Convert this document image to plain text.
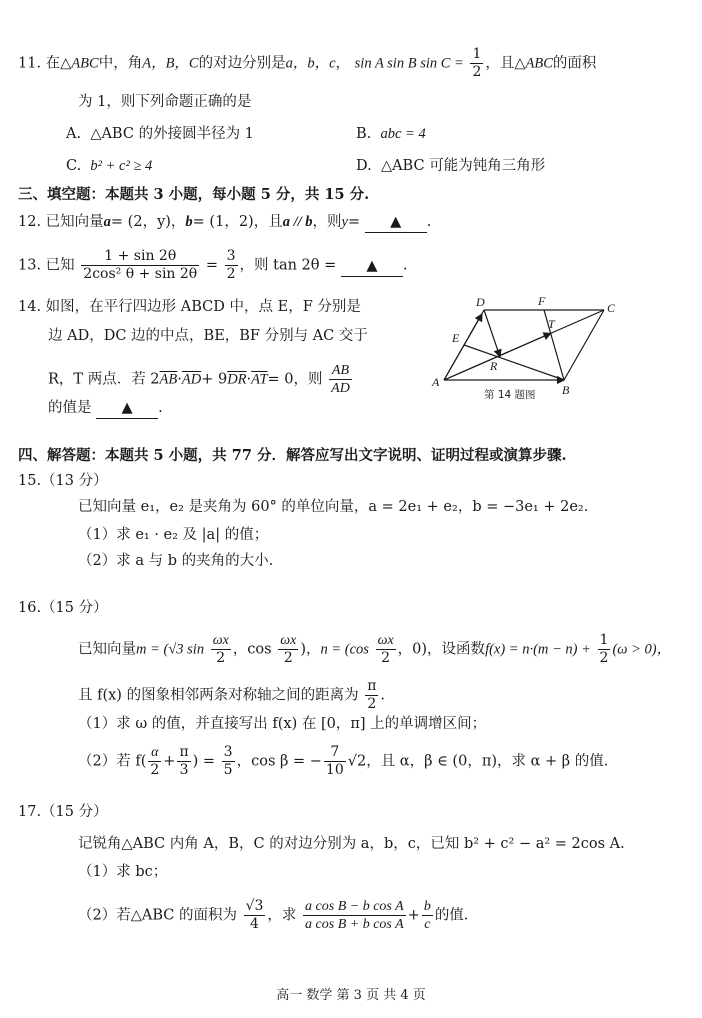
11. 在△ABC中，角A，B，C的对边分别是a，b，c， sin A sin B $\sin C = \frac{1}{2}$ ，且△ABC的面积
为 1，则下列命题正确的是
A. △ABC 的外接圆半径为 1	B. abc = 4
C. b² + c² ≥ 4	D. △ABC 可能为钝角三角形
三、填空题：本题共 3 小题，每小题 5 分，共 15 分.
12. 已知向量a= (2，y)，b= (1，2)，且a // b，则y= ▲ .
13. 已知 $\frac{1 + \sin 2\theta}{\text{2cos² θ + sin 2θ}} = \frac{3}{2}$ ，则 tan 2θ = ▲ .
14. 如图，在平行四边形 ABCD 中，点 E，F 分别是
边 AD，DC 边的中点，BE，BF 分别与 AC 交于
R，T 两点．若 $2\overline{AB}\cdot\overline{AD}+ 9\overline{DR}\cdot\overline{AT}= 0$，则 $\frac{AB}{AD}$
的值是 ▲ .
A
B
C
D
E
F
R
T
第 14 题图
四、解答题：本题共 5 小题，共 77 分．解答应写出文字说明、证明过程或演算步骤.
15.（13 分）
已知向量 e₁，e₂ 是夹角为 60° 的单位向量，a = 2e₁ + e₂，b = −3e₁ + 2e₂.
（1）求 e₁ · e₂ 及 |a| 的值；
（2）求 a 与 b 的夹角的大小.
16.（15 分）
已知向量m = (√3 $\sin \frac{\omega x}{2}$ ，$\cos \frac{\omega x}{2}$ )，$n = (\cos \frac{\omega x}{2}$ ，0)，设函数$f(x) = n\cdot(m - n) + \frac{1}{2} (\omega > 0)$，
且 f(x) 的图象相邻两条对称轴之间的距离为 $\frac{\pi}{2}$ .
（1）求 ω 的值，并直接写出 f(x) 在 [0，π] 上的单调增区间；
（2）若 $f( \frac{\alpha}{2} + \frac{\pi}{3}$ ) = $\frac{3}{5}$ ，cos β = − $\frac{7}{10} √2$，且 α，β ∈ (0，π)，求 α + β 的值.
17.（15 分）
记锐角△ABC 内角 A，B，C 的对边分别为 a，b，c，已知 b² + c² − a² = 2cos A.
（1）求 bc；
（2）若△ABC 的面积为 $\frac{√3}{4}$ ，求 $\frac{\text{a cos B − b cos A}}{\text{a cos B + b cos A}} + \frac{b}{c}$ 的值.
高一 数学 第 3 页 共 4 页
